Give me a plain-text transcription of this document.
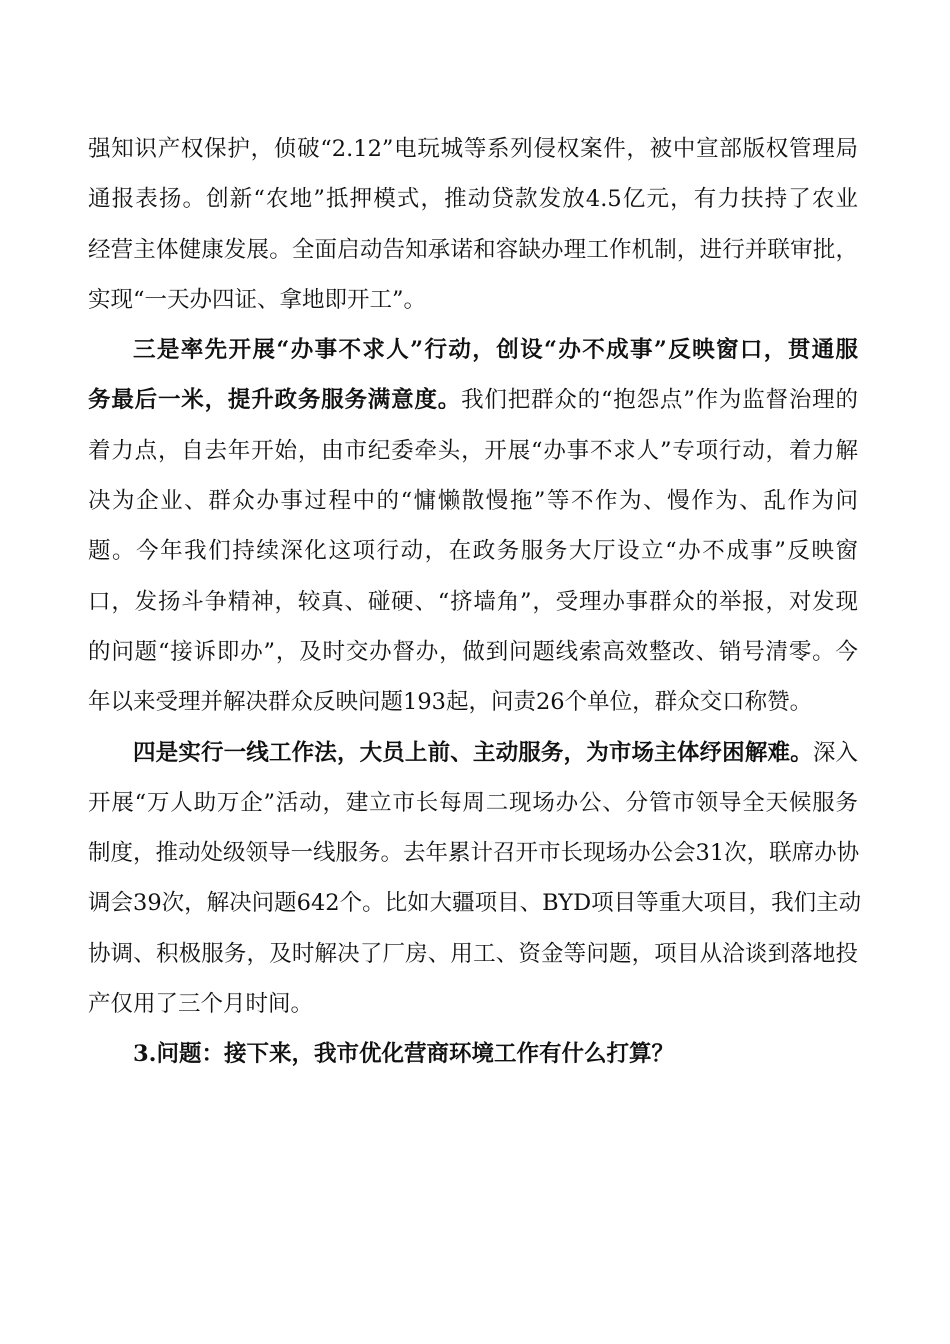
强知识产权保护，侦破“2.12”电玩城等系列侵权案件，被中宣部版权管理局
通报表扬。创新“农地”抵押模式，推动贷款发放4.5亿元，有力扶持了农业
经营主体健康发展。全面启动告知承诺和容缺办理工作机制，进行并联审批，
实现“一天办四证、拿地即开工”。
三是率先开展“办事不求人”行动，创设“办不成事”反映窗口，贯通服
务最后一米，提升政务服务满意度。我们把群众的“抱怨点”作为监督治理的
着力点，自去年开始，由市纪委牵头，开展“办事不求人”专项行动，着力解
决为企业、群众办事过程中的“慵懒散慢拖”等不作为、慢作为、乱作为问
题。今年我们持续深化这项行动，在政务服务大厅设立“办不成事”反映窗
口，发扬斗争精神，较真、碰硬、“挤墙角”，受理办事群众的举报，对发现
的问题“接诉即办”，及时交办督办，做到问题线索高效整改、销号清零。今
年以来受理并解决群众反映问题193起，问责26个单位，群众交口称赞。
四是实行一线工作法，大员上前、主动服务，为市场主体纾困解难。深入
开展“万人助万企”活动，建立市长每周二现场办公、分管市领导全天候服务
制度，推动处级领导一线服务。去年累计召开市长现场办公会31次，联席办协
调会39次，解决问题642个。比如大疆项目、BYD项目等重大项目，我们主动
协调、积极服务，及时解决了厂房、用工、资金等问题，项目从洽谈到落地投
产仅用了三个月时间。
3.问题：接下来，我市优化营商环境工作有什么打算？
